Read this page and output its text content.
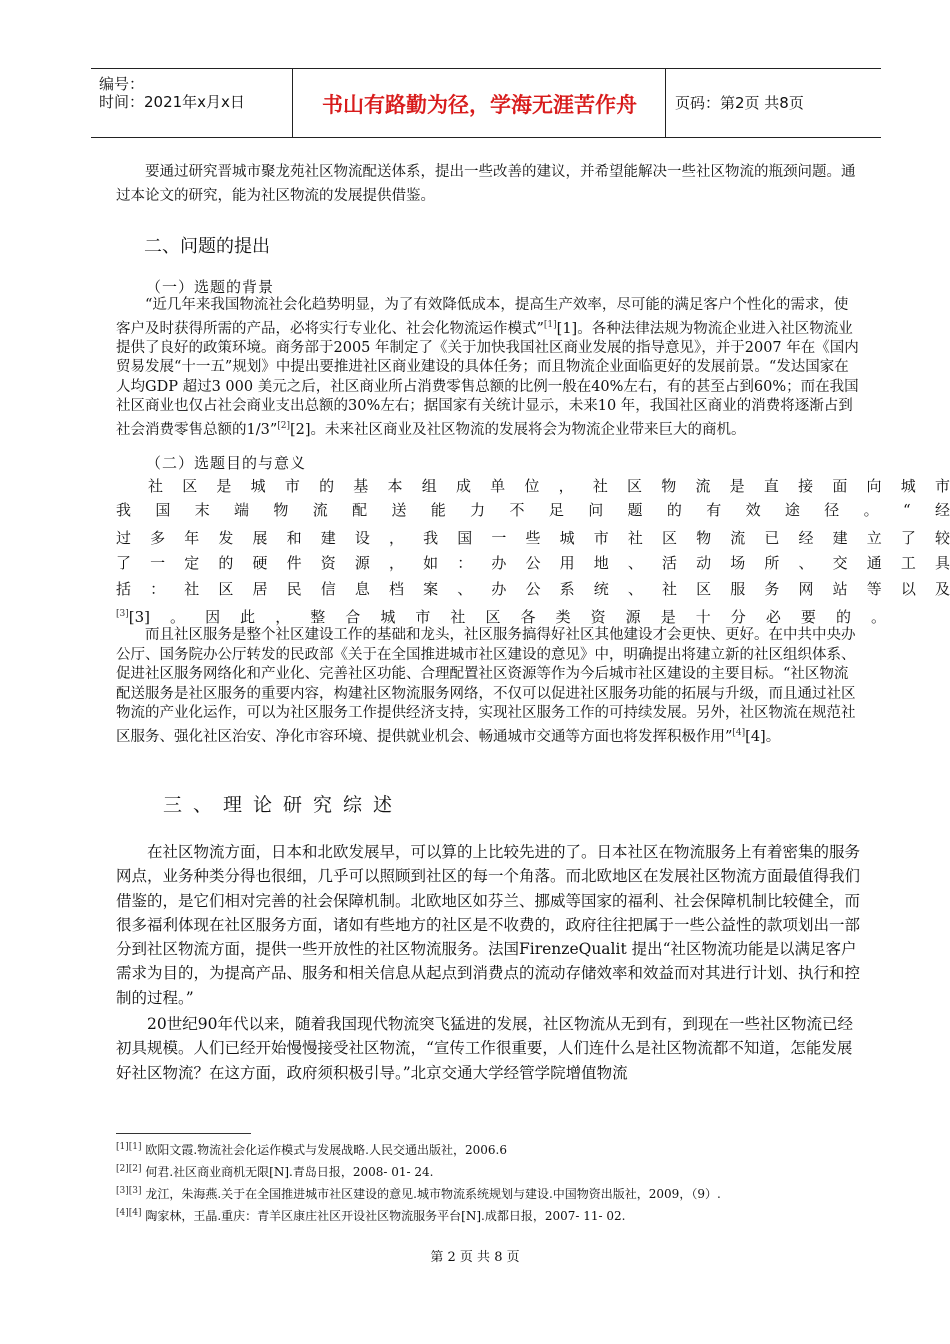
编号：
时间：2021年x月x日	书山有路勤为径，学海无涯苦作舟	页码：第2页 共8页
要通过研究晋城市聚龙苑社区物流配送体系，提出一些改善的建议，并希望能解决一些社区物流的瓶颈问题。通过本论文的研究，能为社区物流的发展提供借鉴。
二、问题的提出
（一）选题的背景

“近几年来我国物流社会化趋势明显，为了有效降低成本，提高生产效率，尽可能的满足客户个性化的需求，使客户及时获得所需的产品，必将实行专业化、社会化物流运作模式”[1][1]。各种法律法规为物流企业进入社区物流业提供了良好的政策环境。商务部于2005 年制定了《关于加快我国社区商业发展的指导意见》，并于2007 年在《国内贸易发展“十一五”规划》中提出要推进社区商业建设的具体任务；而且物流企业面临更好的发展前景。“发达国家在人均GDP 超过3 000 美元之后，社区商业所占消费零售总额的比例一般在40%左右，有的甚至占到60%；而在我国社区商业也仅占社会商业支出总额的30%左右；据国家有关统计显示，未来10 年，我国社区商业的消费将逐渐占到社会消费零售总额的1/3”[2][2]。未来社区商业及社区物流的发展将会为物流企业带来巨大的商机。

（二）选题目的与意义
社区是城市的基本组成单位，社区物流是直接面向城市
我国末端物流配送能力不足问题的有效途径。“经
过多年发展和建设，我国一些城市社区物流已经建立了较
了一定的硬件资源，如：办公用地、活动场所、交通工具
括：社区居民信息档案、办公系统、社区服务网站等以及
[3][3]。因此，整合城市社区各类资源是十分必要的。

而且社区服务是整个社区建设工作的基础和龙头，社区服务搞得好社区其他建设才会更快、更好。在中共中央办公厅、国务院办公厅转发的民政部《关于在全国推进城市社区建设的意见》中，明确提出将建立新的社区组织体系、促进社区服务网络化和产业化、完善社区功能、合理配置社区资源等作为今后城市社区建设的主要目标。“社区物流配送服务是社区服务的重要内容，构建社区物流服务网络，不仅可以促进社区服务功能的拓展与升级，而且通过社区物流的产业化运作，可以为社区服务工作提供经济支持，实现社区服务工作的可持续发展。另外，社区物流在规范社区服务、强化社区治安、净化市容环境、提供就业机会、畅通城市交通等方面也将发挥积极作用”[4][4]。

三、理论研究综述

在社区物流方面，日本和北欧发展早，可以算的上比较先进的了。日本社区在物流服务上有着密集的服务网点，业务种类分得也很细，几乎可以照顾到社区的每一个角落。而北欧地区在发展社区物流方面最值得我们借鉴的，是它们相对完善的社会保障机制。北欧地区如芬兰、挪威等国家的福利、社会保障机制比较健全，而很多福利体现在社区服务方面，诸如有些地方的社区是不收费的，政府往往把属于一些公益性的款项划出一部分到社区物流方面，提供一些开放性的社区物流服务。法国FirenzeQualit 提出“社区物流功能是以满足客户需求为目的，为提高产品、服务和相关信息从起点到消费点的流动存储效率和效益而对其进行计划、执行和控制的过程。”

20世纪90年代以来，随着我国现代物流突飞猛进的发展，社区物流从无到有，到现在一些社区物流已经初具规模。人们已经开始慢慢接受社区物流，“宣传工作很重要，人们连什么是社区物流都不知道，怎能发展好社区物流？在这方面，政府须积极引导。”北京交通大学经管学院增值物流

[1][1] 欧阳文霞.物流社会化运作模式与发展战略.人民交通出版社，2006.6
[2][2] 何君.社区商业商机无限[N].青岛日报，2008- 01- 24.
[3][3] 龙江，朱海燕.关于在全国推进城市社区建设的意见.城市物流系统规划与建设.中国物资出版社，2009，（9）.
[4][4] 陶家林，王晶.重庆：青羊区康庄社区开设社区物流服务平台[N].成都日报，2007- 11- 02.
第 2 页 共 8 页
